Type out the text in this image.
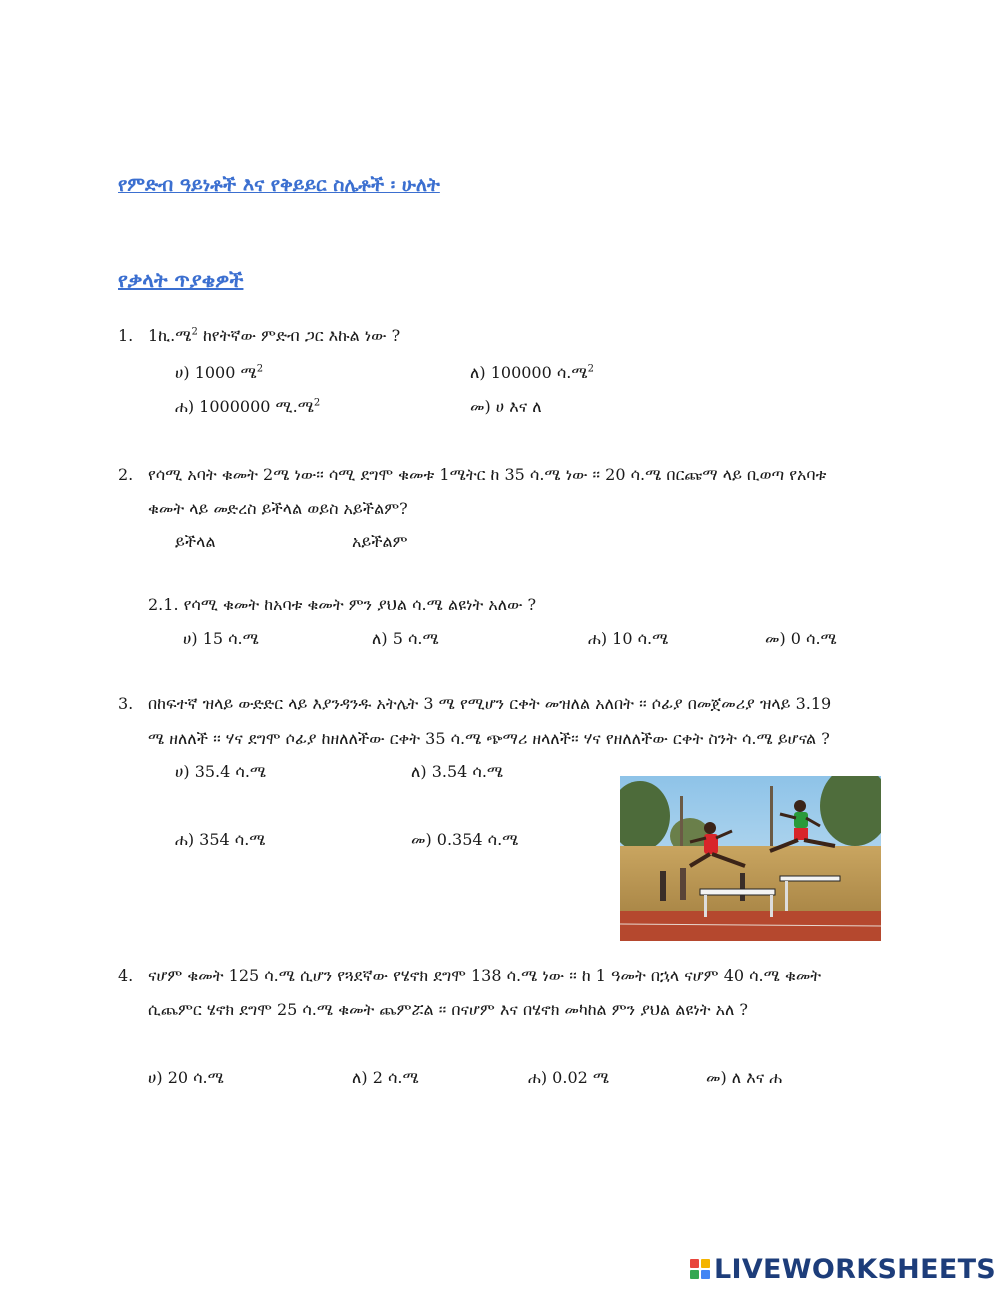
የምድብ ዓይነቶች እና የቅይይር ስሌቶች ፡ ሁለት
የቃላት ጥያቄዎች
1. 1ኪ.ሜ$^2$ ከየትኛው ምድብ ጋር እኩል ነው ?
ሀ) 1000 ሜ$^2$	ለ) 100000 ሳ.ሜ$^2$
ሐ) 1000000 ሚ.ሜ$^2$	መ) ሀ እና ለ
2. የሳሚ አባት ቁመት 2ሜ ነው፡፡ ሳሚ ደግሞ ቁመቱ 1ሜትር ከ 35 ሳ.ሜ ነው ፡፡ 20 ሳ.ሜ በርጩማ ላይ ቢወጣ የአባቱ
ቁመት ላይ መድረስ ይችላል ወይስ አይችልም?
ይችላል	አይችልም
2.1. የሳሚ ቁመት ከአባቱ ቁመት ምን ያህል ሳ.ሜ ልዩነት አለው ?
ሀ) 15 ሳ.ሜ	ለ) 5 ሳ.ሜ	ሐ) 10 ሳ.ሜ	መ) 0 ሳ.ሜ
3. በከፍተኛ ዝላይ ውድድር ላይ እያንዳንዱ አትሌት 3 ሜ የሚሆን ርቀት መዝለል አለበት ፡፡ ሶፊያ በመጀመሪያ ዝላይ 3.19
ሜ ዘለለች ፡፡ ሃና ደግሞ ሶፊያ ከዘለለችው ርቀት 35 ሳ.ሜ ጭማሪ ዘላለች፡፡ ሃና የዘለለችው ርቀት ስንት ሳ.ሜ ይሆናል ?
ሀ) 35.4 ሳ.ሜ	ለ) 3.54 ሳ.ሜ
ሐ) 354 ሳ.ሜ	መ) 0.354 ሳ.ሜ
4. ናሆም ቁመት 125 ሳ.ሜ ሲሆን የጓደኛው የሄኖክ ደግሞ 138 ሳ.ሜ ነው ፡፡ ከ 1 ዓመት በኋላ ናሆም 40 ሳ.ሜ ቁመት
ሲጨምር ሄኖክ ደግሞ 25 ሳ.ሜ ቁመት ጨምሯል ፡፡ በናሆም እና በሄኖክ መካከል ምን ያህል ልዩነት አለ ?
ሀ) 20 ሳ.ሜ	ለ) 2 ሳ.ሜ	ሐ) 0.02 ሜ	መ) ለ እና ሐ
LIVEWORKSHEETS
